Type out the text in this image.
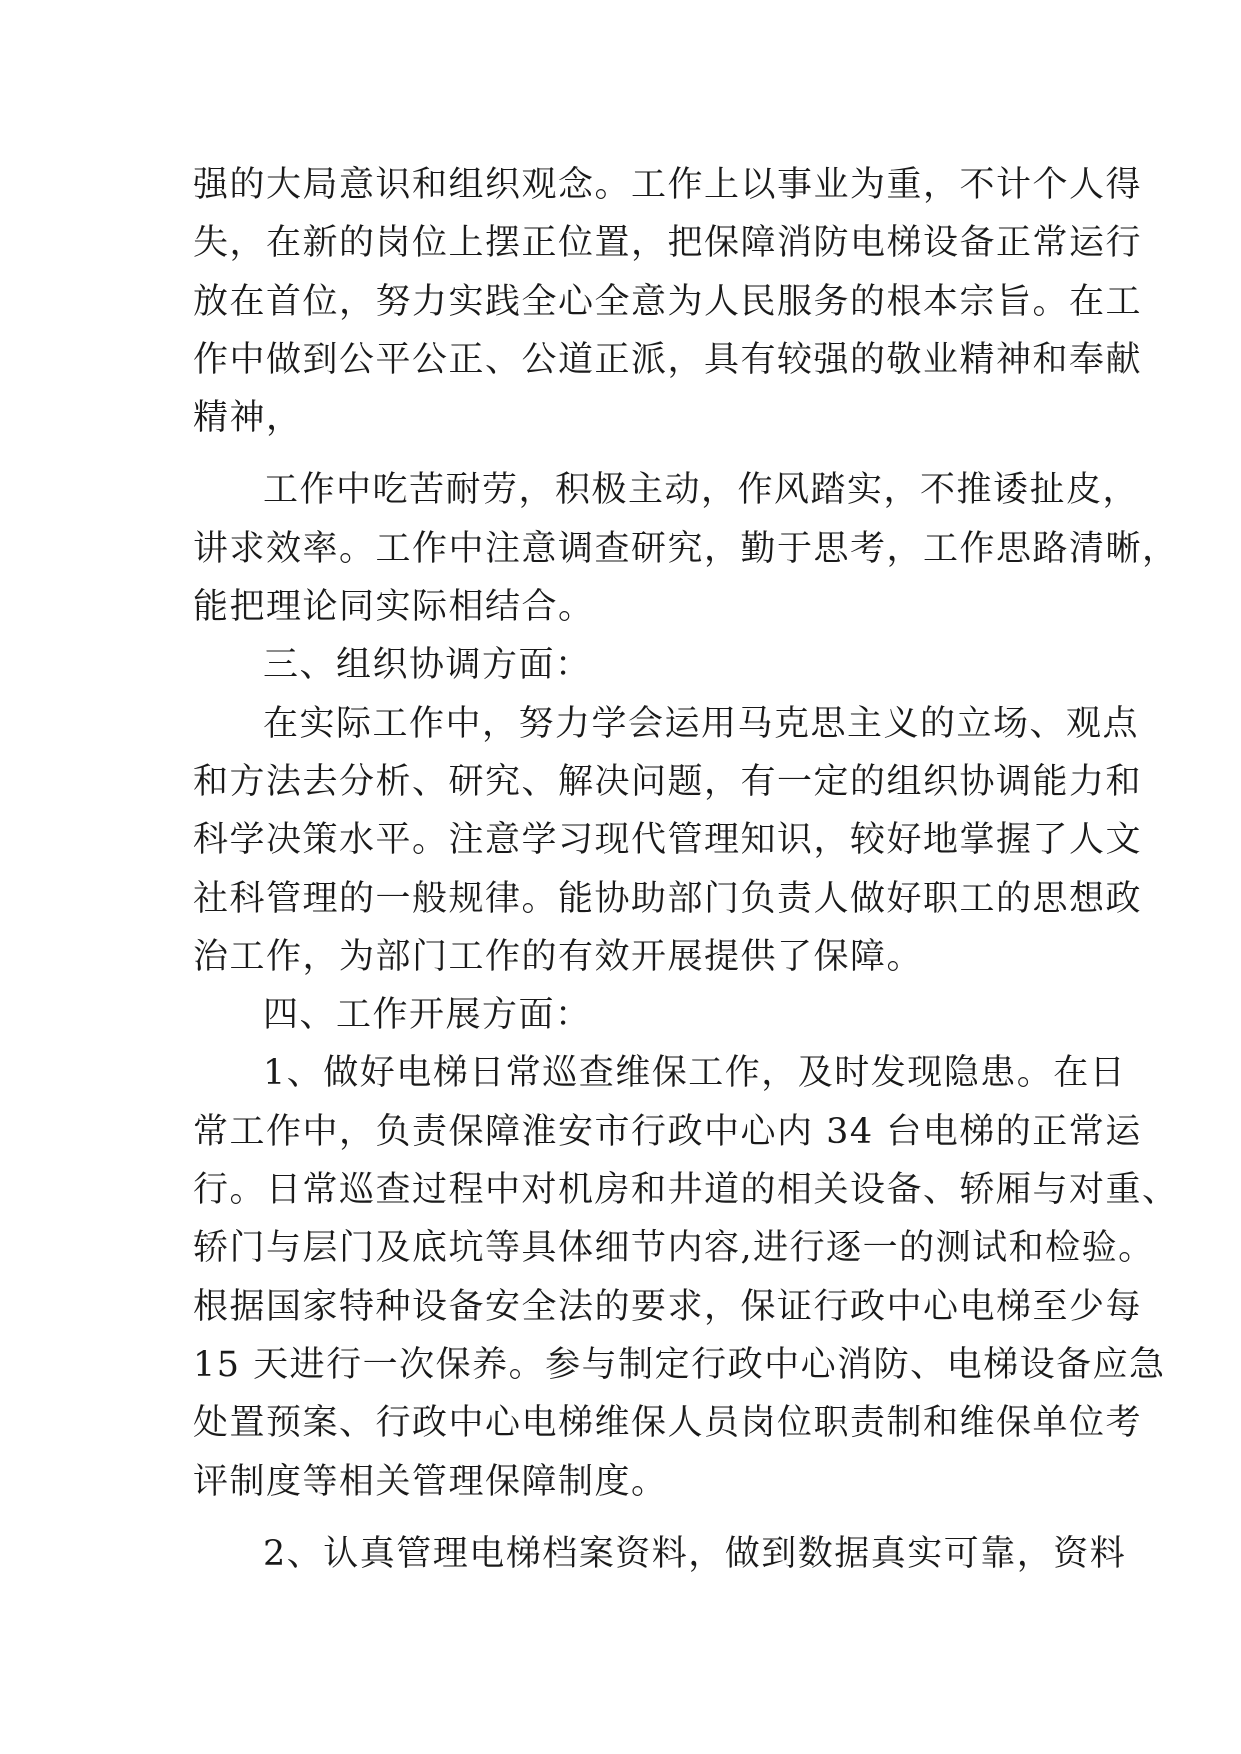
强的大局意识和组织观念。工作上以事业为重，不计个人得
失，在新的岗位上摆正位置，把保障消防电梯设备正常运行
放在首位，努力实践全心全意为人民服务的根本宗旨。在工
作中做到公平公正、公道正派，具有较强的敬业精神和奉献
精神，
工作中吃苦耐劳，积极主动，作风踏实，不推诿扯皮，
讲求效率。工作中注意调查研究，勤于思考，工作思路清晰，
能把理论同实际相结合。
三、组织协调方面：
在实际工作中，努力学会运用马克思主义的立场、观点
和方法去分析、研究、解决问题，有一定的组织协调能力和
科学决策水平。注意学习现代管理知识，较好地掌握了人文
社科管理的一般规律。能协助部门负责人做好职工的思想政
治工作，为部门工作的有效开展提供了保障。
四、工作开展方面：
1、做好电梯日常巡查维保工作，及时发现隐患。在日
常工作中，负责保障淮安市行政中心内 34 台电梯的正常运
行。日常巡查过程中对机房和井道的相关设备、轿厢与对重、
轿门与层门及底坑等具体细节内容,进行逐一的测试和检验。
根据国家特种设备安全法的要求，保证行政中心电梯至少每
15 天进行一次保养。参与制定行政中心消防、电梯设备应急
处置预案、行政中心电梯维保人员岗位职责制和维保单位考
评制度等相关管理保障制度。
2、认真管理电梯档案资料，做到数据真实可靠，资料
